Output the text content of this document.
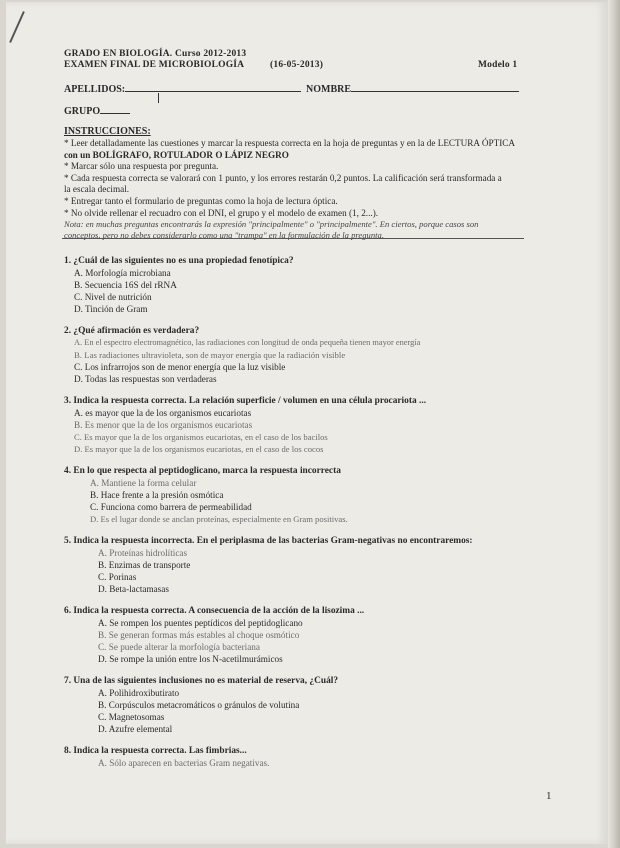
GRADO EN BIOLOGÍA. Curso 2012-2013
EXAMEN FINAL DE MICROBIOLOGÍA	(16-05-2013)	Modelo 1
APELLIDOS:	NOMBRE
GRUPO
INSTRUCCIONES:
* Leer detalladamente las cuestiones y marcar la respuesta correcta en la hoja de preguntas y en la de LECTURA ÓPTICA
con un BOLÍGRAFO, ROTULADOR O LÁPIZ NEGRO
* Marcar sólo una respuesta por pregunta.
* Cada respuesta correcta se valorará con 1 punto, y los errores restarán 0,2 puntos. La calificación será transformada a
la escala decimal.
* Entregar tanto el formulario de preguntas como la hoja de lectura óptica.
* No olvide rellenar el recuadro con el DNI, el grupo y el modelo de examen (1, 2...).
Nota: en muchas preguntas encontrarás la expresión "principalmente" o "principalmente". En ciertos, porque casos son
conceptos, pero no debes considerarlo como una "trampa" en la formulación de la pregunta.
1. ¿Cuál de las siguientes no es una propiedad fenotípica?
A. Morfología microbiana
B. Secuencia 16S del rRNA
C. Nivel de nutrición
D. Tinción de Gram
2. ¿Qué afirmación es verdadera?
A. En el espectro electromagnético, las radiaciones con longitud de onda pequeña tienen mayor energía
B. Las radiaciones ultravioleta, son de mayor energía que la radiación visible
C. Los infrarrojos son de menor energía que la luz visible
D. Todas las respuestas son verdaderas
3. Indica la respuesta correcta. La relación superficie / volumen en una célula procariota ...
A. es mayor que la de los organismos eucariotas
B. Es menor que la de los organismos eucariotas
C. Es mayor que la de los organismos eucariotas, en el caso de los bacilos
D. Es mayor que la de los organismos eucariotas, en el caso de los cocos
4. En lo que respecta al peptidoglicano, marca la respuesta incorrecta
A. Mantiene la forma celular
B. Hace frente a la presión osmótica
C. Funciona como barrera de permeabilidad
D. Es el lugar donde se anclan proteínas, especialmente en Gram positivas.
5. Indica la respuesta incorrecta. En el periplasma de las bacterias Gram-negativas no encontraremos:
A. Proteínas hidrolíticas
B. Enzimas de transporte
C. Porinas
D. Beta-lactamasas
6. Indica la respuesta correcta. A consecuencia de la acción de la lisozima ...
A. Se rompen los puentes peptídicos del peptidoglicano
B. Se generan formas más estables al choque osmótico
C. Se puede alterar la morfología bacteriana
D. Se rompe la unión entre los N-acetilmurámicos
7. Una de las siguientes inclusiones no es material de reserva, ¿Cuál?
A. Polihidroxibutirato
B. Corpúsculos metacromáticos o gránulos de volutina
C. Magnetosomas
D. Azufre elemental
8. Indica la respuesta correcta. Las fimbrias...
A. Sólo aparecen en bacterias Gram negativas.
1
